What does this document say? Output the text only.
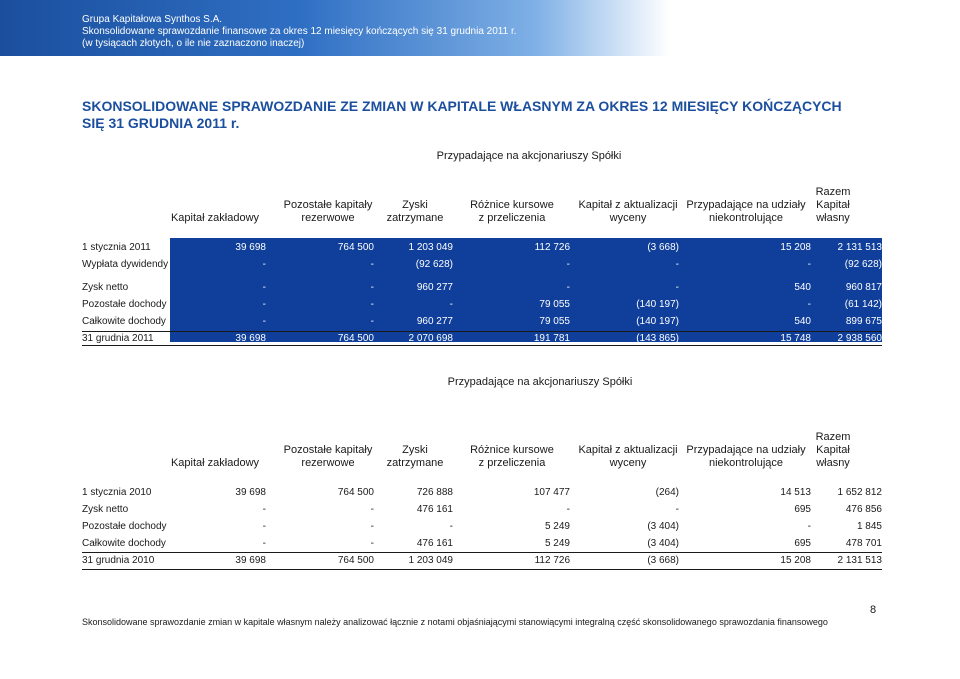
Grupa Kapitałowa Synthos S.A.
Skonsolidowane sprawozdanie finansowe za okres 12 miesięcy kończących się 31 grudnia 2011 r.
(w tysiącach złotych, o ile nie zaznaczono inaczej)
SKONSOLIDOWANE SPRAWOZDANIE ZE ZMIAN W KAPITALE WŁASNYM ZA OKRES 12 MIESIĘCY KOŃCZĄCYCH SIĘ 31 GRUDNIA 2011 r.
Przypadające na akcjonariuszy Spółki
Kapitał zakładowy
Pozostałe kapitały
rezerwowe
Zyski
zatrzymane
Różnice kursowe
z przeliczenia
Kapitał z aktualizacji
wyceny
Przypadające na udziały
niekontrolujące
Razem
Kapitał
własny
1 stycznia 2011	39 698	764 500	1 203 049	112 726	(3 668)	15 208	2 131 513
Wypłata dywidendy	-	-	(92 628)	-	-	-	(92 628)
Zysk netto	-	-	960 277	-	-	540	960 817
Pozostałe dochody	-	-	-	79 055	(140 197)	-	(61 142)
Całkowite dochody	-	-	960 277	79 055	(140 197)	540	899 675
31 grudnia 2011	39 698	764 500	2 070 698	191 781	(143 865)	15 748	2 938 560
Przypadające na akcjonariuszy Spółki
Kapitał zakładowy
Pozostałe kapitały
rezerwowe
Zyski
zatrzymane
Różnice kursowe
z przeliczenia
Kapitał z aktualizacji
wyceny
Przypadające na udziały
niekontrolujące
Razem
Kapitał
własny
1 stycznia 2010	39 698	764 500	726 888	107 477	(264)	14 513	1 652 812
Zysk netto	-	-	476 161	-	-	695	476 856
Pozostałe dochody	-	-	-	5 249	(3 404)	-	1 845
Całkowite dochody	-	-	476 161	5 249	(3 404)	695	478 701
31 grudnia 2010	39 698	764 500	1 203 049	112 726	(3 668)	15 208	2 131 513
Skonsolidowane sprawozdanie zmian w kapitale własnym należy analizować łącznie z notami objaśniającymi stanowiącymi integralną część skonsolidowanego sprawozdania finansowego
8
